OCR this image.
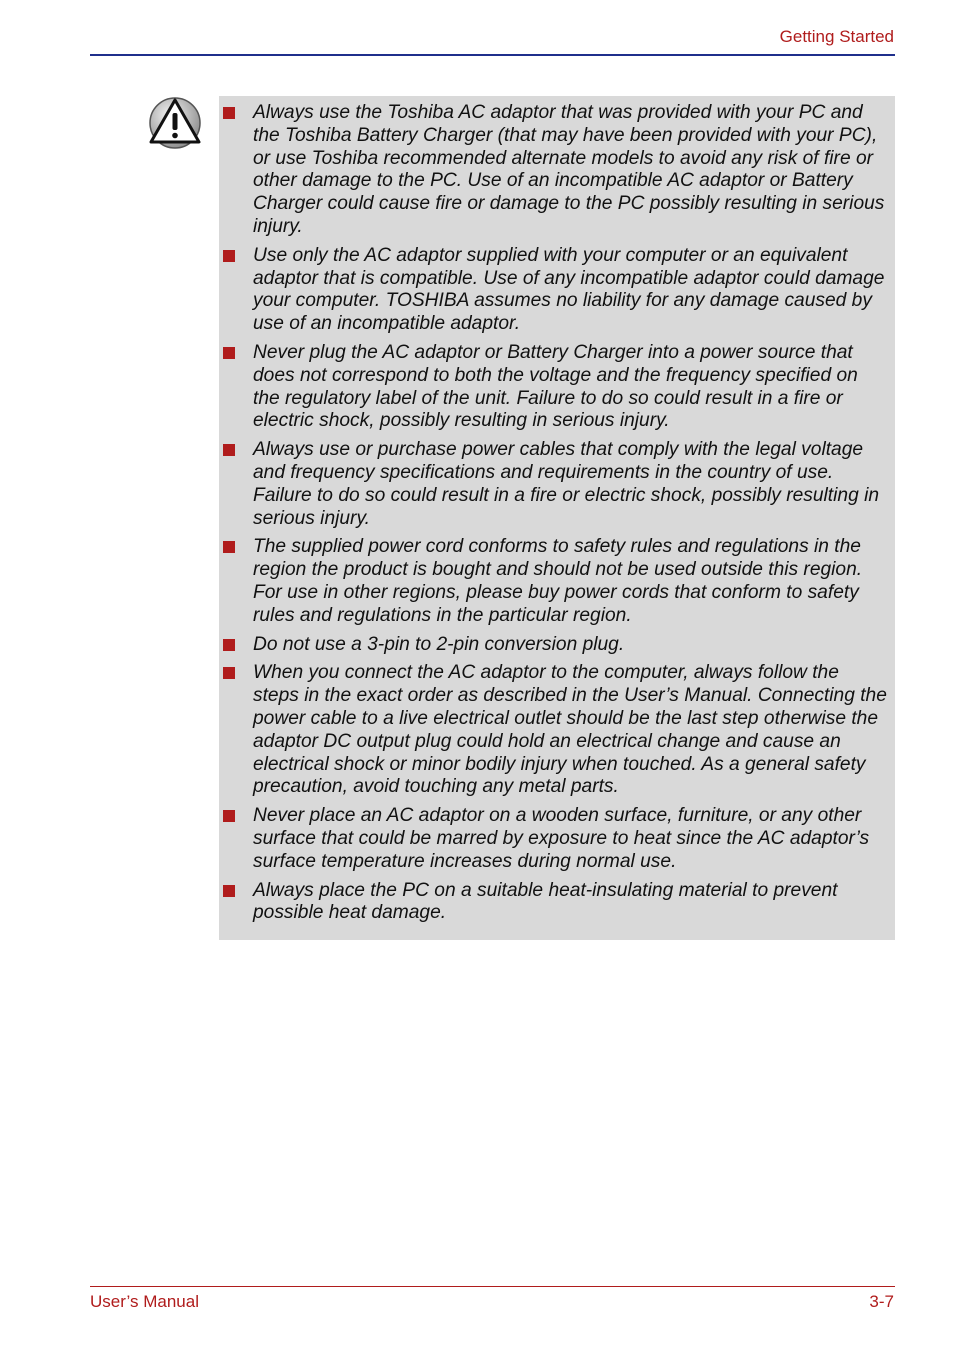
Getting Started
Always use the Toshiba AC adaptor that was provided with your PC and the Toshiba Battery Charger (that may have been provided with your PC), or use Toshiba recommended alternate models to avoid any risk of fire or other damage to the PC. Use of an incompatible AC adaptor or Battery Charger could cause fire or damage to the PC possibly resulting in serious injury.
Use only the AC adaptor supplied with your computer or an equivalent adaptor that is compatible. Use of any incompatible adaptor could damage your computer. TOSHIBA assumes no liability for any damage caused by use of an incompatible adaptor.
Never plug the AC adaptor or Battery Charger into a power source that does not correspond to both the voltage and the frequency specified on the regulatory label of the unit. Failure to do so could result in a fire or electric shock, possibly resulting in serious injury.
Always use or purchase power cables that comply with the legal voltage and frequency specifications and requirements in the country of use. Failure to do so could result in a fire or electric shock, possibly resulting in serious injury.
The supplied power cord conforms to safety rules and regulations in the region the product is bought and should not be used outside this region. For use in other regions, please buy power cords that conform to safety rules and regulations in the particular region.
Do not use a 3-pin to 2-pin conversion plug.
When you connect the AC adaptor to the computer, always follow the steps in the exact order as described in the User’s Manual. Connecting the power cable to a live electrical outlet should be the last step otherwise the adaptor DC output plug could hold an electrical change and cause an electrical shock or minor bodily injury when touched. As a general safety precaution, avoid touching any metal parts.
Never place an AC adaptor on a wooden surface, furniture, or any other surface that could be marred by exposure to heat since the AC adaptor’s surface temperature increases during normal use.
Always place the PC on a suitable heat-insulating material to prevent possible heat damage.
User’s Manual	3-7
